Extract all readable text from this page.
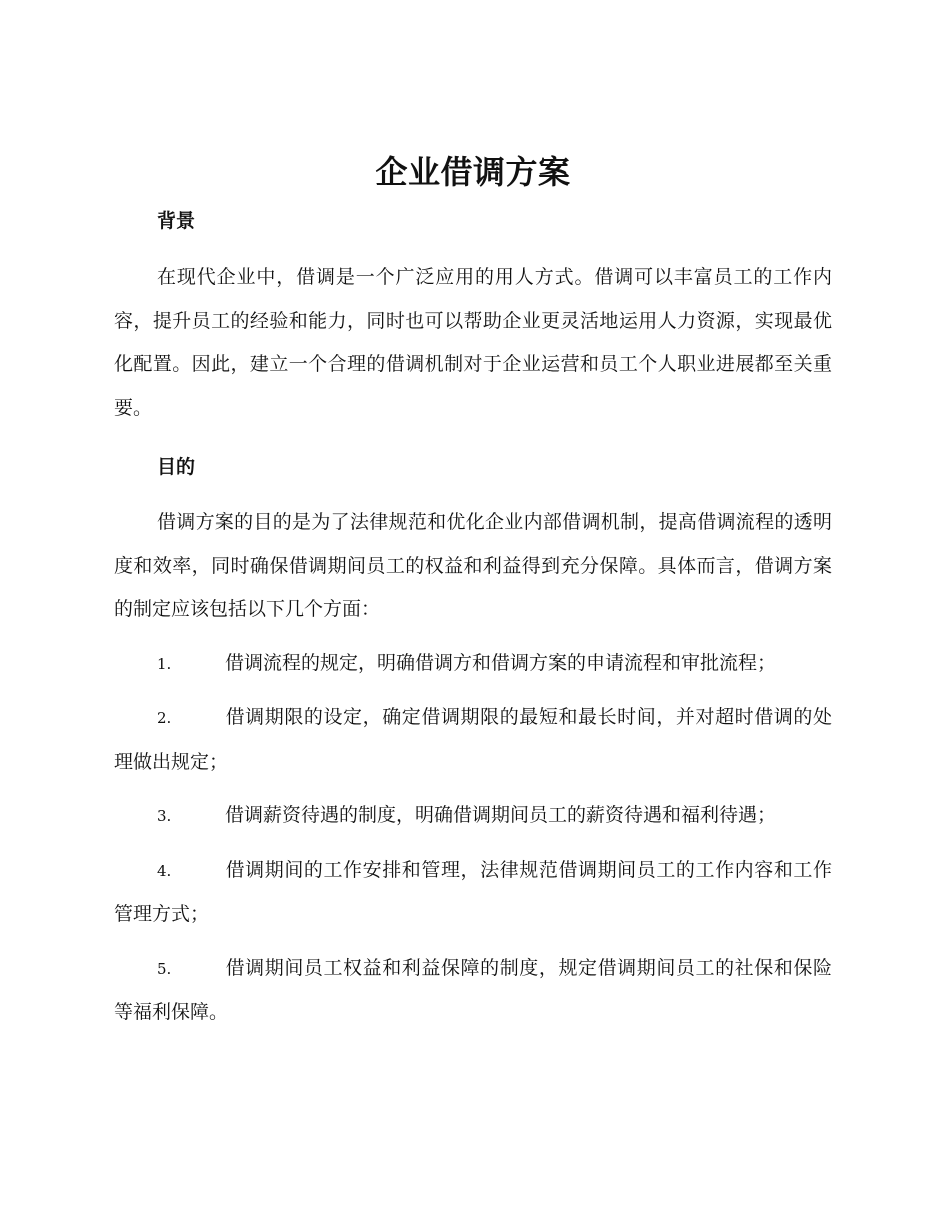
企业借调方案
背景

在现代企业中，借调是一个广泛应用的用人方式。借调可以丰富员工的工作内容，提升员工的经验和能力，同时也可以帮助企业更灵活地运用人力资源，实现最优化配置。因此，建立一个合理的借调机制对于企业运营和员工个人职业进展都至关重要。

目的

借调方案的目的是为了法律规范和优化企业内部借调机制，提高借调流程的透明度和效率，同时确保借调期间员工的权益和利益得到充分保障。具体而言，借调方案的制定应该包括以下几个方面：

1.	借调流程的规定，明确借调方和借调方案的申请流程和审批流程；
2.	借调期限的设定，确定借调期限的最短和最长时间，并对超时借调的处理做出规定；
3.	借调薪资待遇的制度，明确借调期间员工的薪资待遇和福利待遇；
4.	借调期间的工作安排和管理，法律规范借调期间员工的工作内容和工作管理方式；
5.	借调期间员工权益和利益保障的制度，规定借调期间员工的社保和保险等福利保障。
